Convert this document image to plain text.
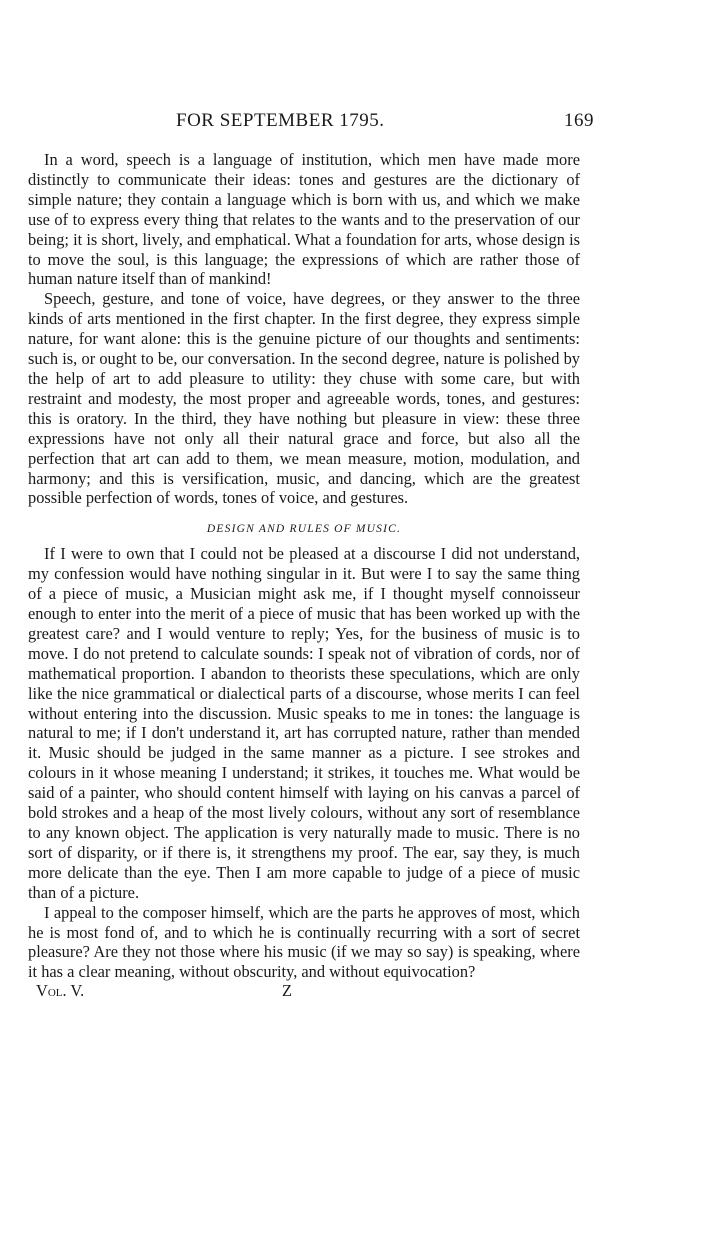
FOR SEPTEMBER 1795.	169

In a word, speech is a language of institution, which men have made more distinctly to communicate their ideas: tones and gestures are the dictionary of simple nature; they contain a language which is born with us, and which we make use of to express every thing that relates to the wants and to the preservation of our being; it is short, lively, and emphatical. What a foundation for arts, whose design is to move the soul, is this language; the expressions of which are rather those of human nature itself than of mankind!

Speech, gesture, and tone of voice, have degrees, or they answer to the three kinds of arts mentioned in the first chapter. In the first degree, they express simple nature, for want alone: this is the genuine picture of our thoughts and sentiments: such is, or ought to be, our conversation. In the second degree, nature is polished by the help of art to add pleasure to utility: they chuse with some care, but with restraint and modesty, the most proper and agreeable words, tones, and gestures: this is oratory. In the third, they have nothing but pleasure in view: these three expressions have not only all their natural grace and force, but also all the perfection that art can add to them, we mean measure, motion, modulation, and harmony; and this is versification, music, and dancing, which are the greatest possible perfection of words, tones of voice, and gestures.

DESIGN AND RULES OF MUSIC.

If I were to own that I could not be pleased at a discourse I did not understand, my confession would have nothing singular in it. But were I to say the same thing of a piece of music, a Musician might ask me, if I thought myself connoisseur enough to enter into the merit of a piece of music that has been worked up with the greatest care? and I would venture to reply; Yes, for the business of music is to move. I do not pretend to calculate sounds: I speak not of vibration of cords, nor of mathematical proportion. I abandon to theorists these speculations, which are only like the nice grammatical or dialectical parts of a discourse, whose merits I can feel without entering into the discussion. Music speaks to me in tones: the language is natural to me; if I don't understand it, art has corrupted nature, rather than mended it. Music should be judged in the same manner as a picture. I see strokes and colours in it whose meaning I understand; it strikes, it touches me. What would be said of a painter, who should content himself with laying on his canvas a parcel of bold strokes and a heap of the most lively colours, without any sort of resemblance to any known object. The application is very naturally made to music. There is no sort of disparity, or if there is, it strengthens my proof. The ear, say they, is much more delicate than the eye. Then I am more capable to judge of a piece of music than of a picture.

I appeal to the composer himself, which are the parts he approves of most, which he is most fond of, and to which he is continually recurring with a sort of secret pleasure? Are they not those where his music (if we may so say) is speaking, where it has a clear meaning, without obscurity, and without equivocation?

Vol. V.	Z
